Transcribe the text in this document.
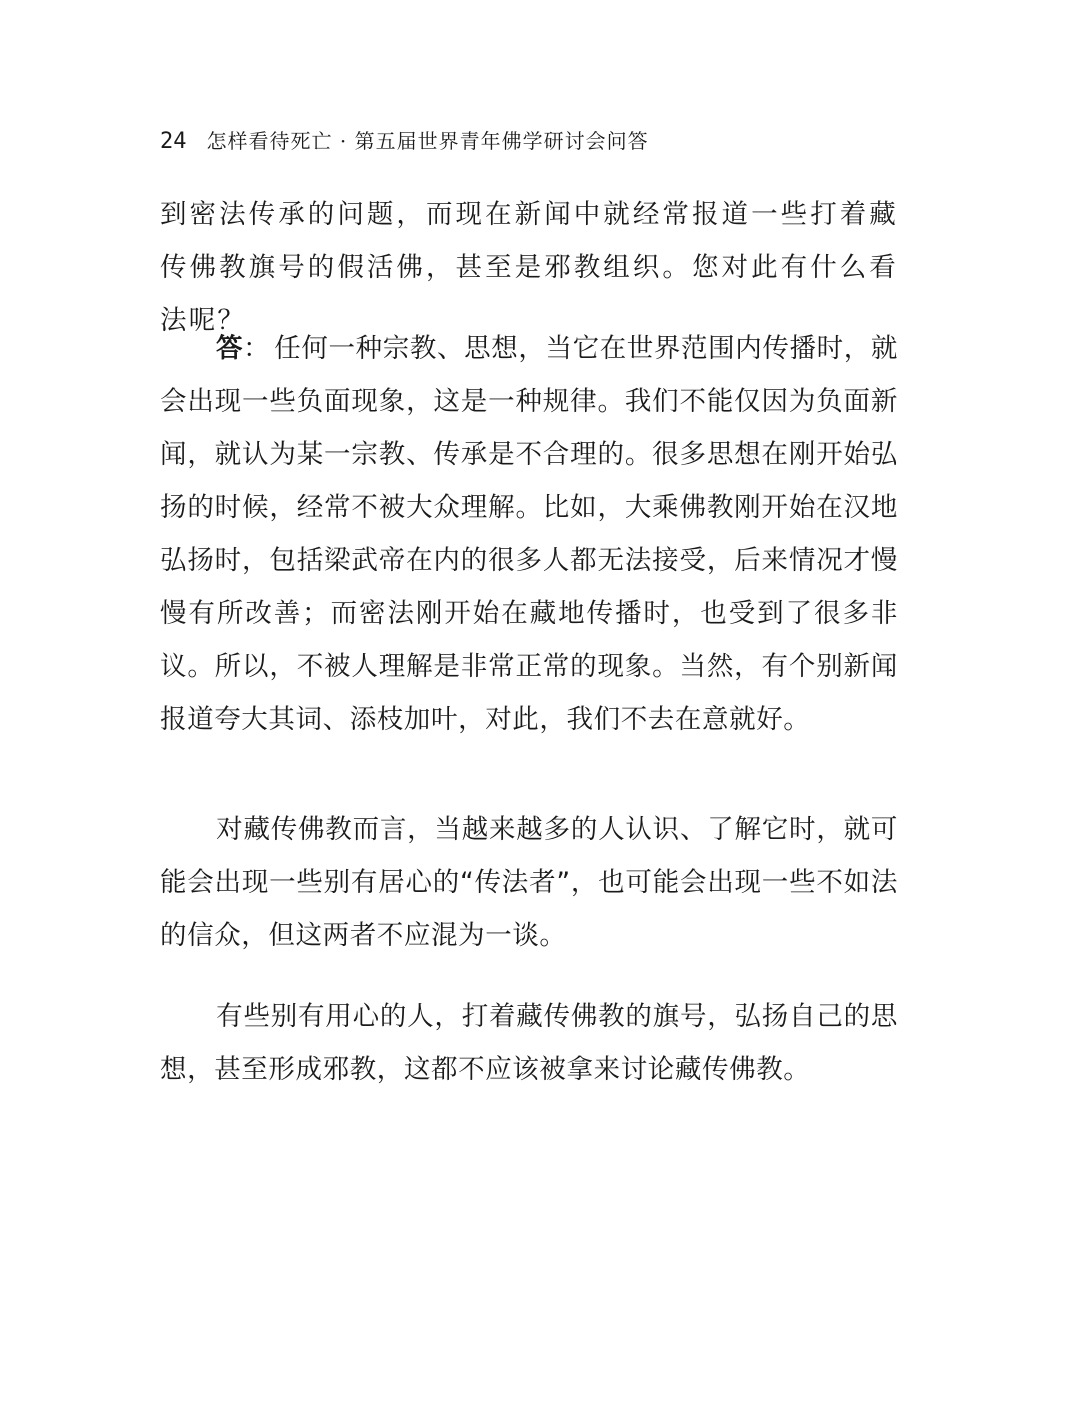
24 怎样看待死亡 · 第五届世界青年佛学研讨会问答
到密法传承的问题，而现在新闻中就经常报道一些打着藏传佛教旗号的假活佛，甚至是邪教组织。您对此有什么看法呢？
答： 任何一种宗教、思想，当它在世界范围内传播时，就会出现一些负面现象，这是一种规律。我们不能仅因为负面新闻，就认为某一宗教、传承是不合理的。很多思想在刚开始弘扬的时候，经常不被大众理解。比如，大乘佛教刚开始在汉地弘扬时，包括梁武帝在内的很多人都无法接受，后来情况才慢慢有所改善；而密法刚开始在藏地传播时，也受到了很多非议。所以，不被人理解是非常正常的现象。当然，有个别新闻报道夸大其词、添枝加叶，对此，我们不去在意就好。
对藏传佛教而言，当越来越多的人认识、了解它时，就可能会出现一些别有居心的“传法者”，也可能会出现一些不如法的信众，但这两者不应混为一谈。
有些别有用心的人，打着藏传佛教的旗号，弘扬自己的思想，甚至形成邪教，这都不应该被拿来讨论藏传佛教。
